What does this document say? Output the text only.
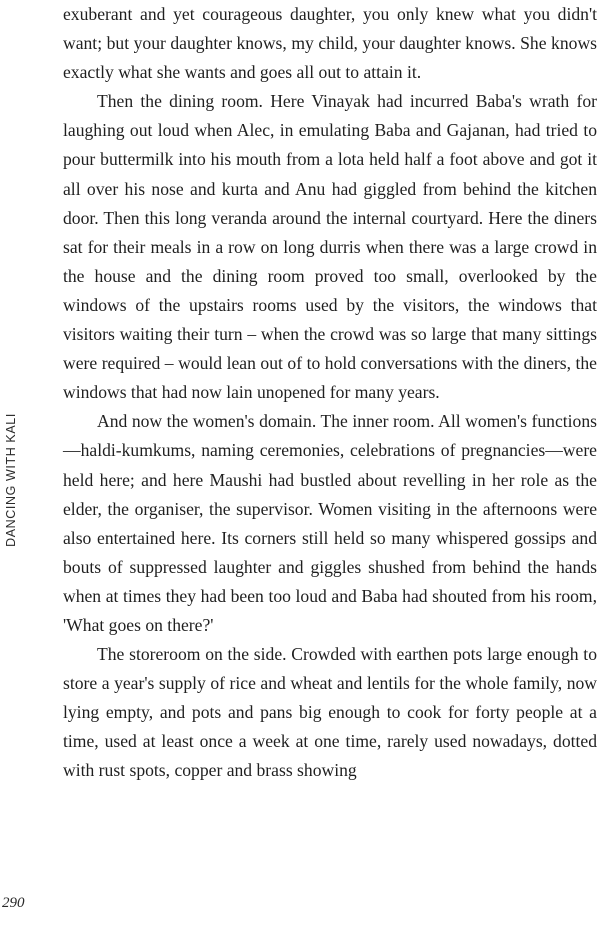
DANCING WITH KALI
290

exuberant and yet courageous daughter, you only knew what you didn't want; but your daughter knows, my child, your daughter knows. She knows exactly what she wants and goes all out to attain it.

Then the dining room. Here Vinayak had incurred Baba's wrath for laughing out loud when Alec, in emulating Baba and Gajanan, had tried to pour buttermilk into his mouth from a lota held half a foot above and got it all over his nose and kurta and Anu had giggled from behind the kitchen door. Then this long veranda around the internal courtyard. Here the diners sat for their meals in a row on long durris when there was a large crowd in the house and the dining room proved too small, overlooked by the windows of the upstairs rooms used by the visitors, the windows that visitors waiting their turn – when the crowd was so large that many sittings were required – would lean out of to hold conversations with the diners, the windows that had now lain unopened for many years.

And now the women's domain. The inner room. All women's functions—haldi-kumkums, naming ceremonies, celebrations of pregnancies—were held here; and here Maushi had bustled about revelling in her role as the elder, the organiser, the supervisor. Women visiting in the afternoons were also entertained here. Its corners still held so many whispered gossips and bouts of suppressed laughter and giggles shushed from behind the hands when at times they had been too loud and Baba had shouted from his room, 'What goes on there?'

The storeroom on the side. Crowded with earthen pots large enough to store a year's supply of rice and wheat and lentils for the whole family, now lying empty, and pots and pans big enough to cook for forty people at a time, used at least once a week at one time, rarely used nowadays, dotted with rust spots, copper and brass showing
